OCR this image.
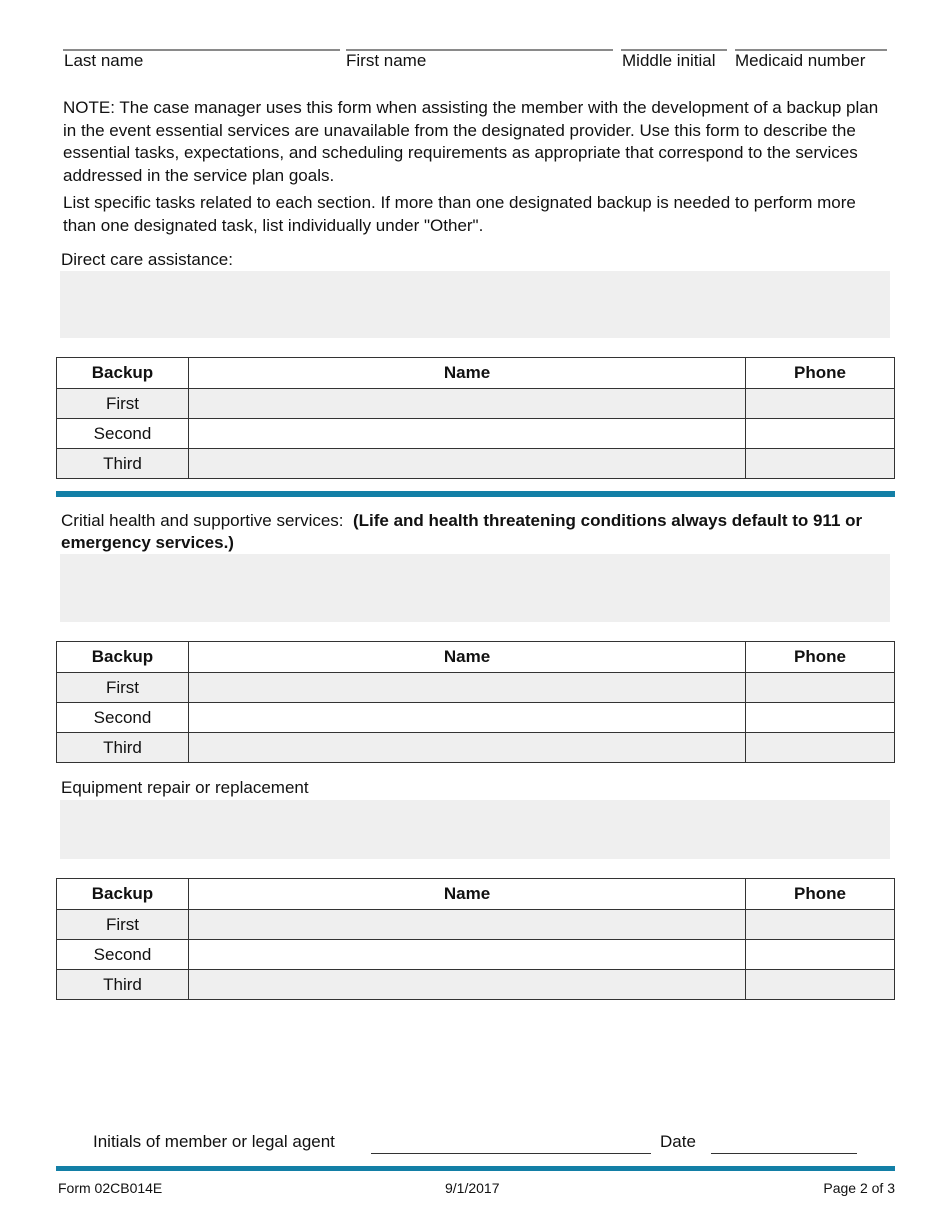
Last name	First name	Middle initial Medicaid number

NOTE: The case manager uses this form when assisting the member with the development of a backup plan in the event essential services are unavailable from the designated provider. Use this form to describe the essential tasks, expectations, and scheduling requirements as appropriate that correspond to the services addressed in the service plan goals.

List specific tasks related to each section. If more than one designated backup is needed to perform more than one designated task, list individually under "Other".

Direct care assistance:
Backup	Name	Phone
First		
Second		
Third		
Critial health and supportive services:  (Life and health threatening conditions always default to 911 or emergency services.)
Backup	Name	Phone
First		
Second		
Third		
Equipment repair or replacement
Backup	Name	Phone
First		
Second		
Third		
Initials of member or legal agent	Date
Form 02CB014E	9/1/2017	Page 2 of 3
